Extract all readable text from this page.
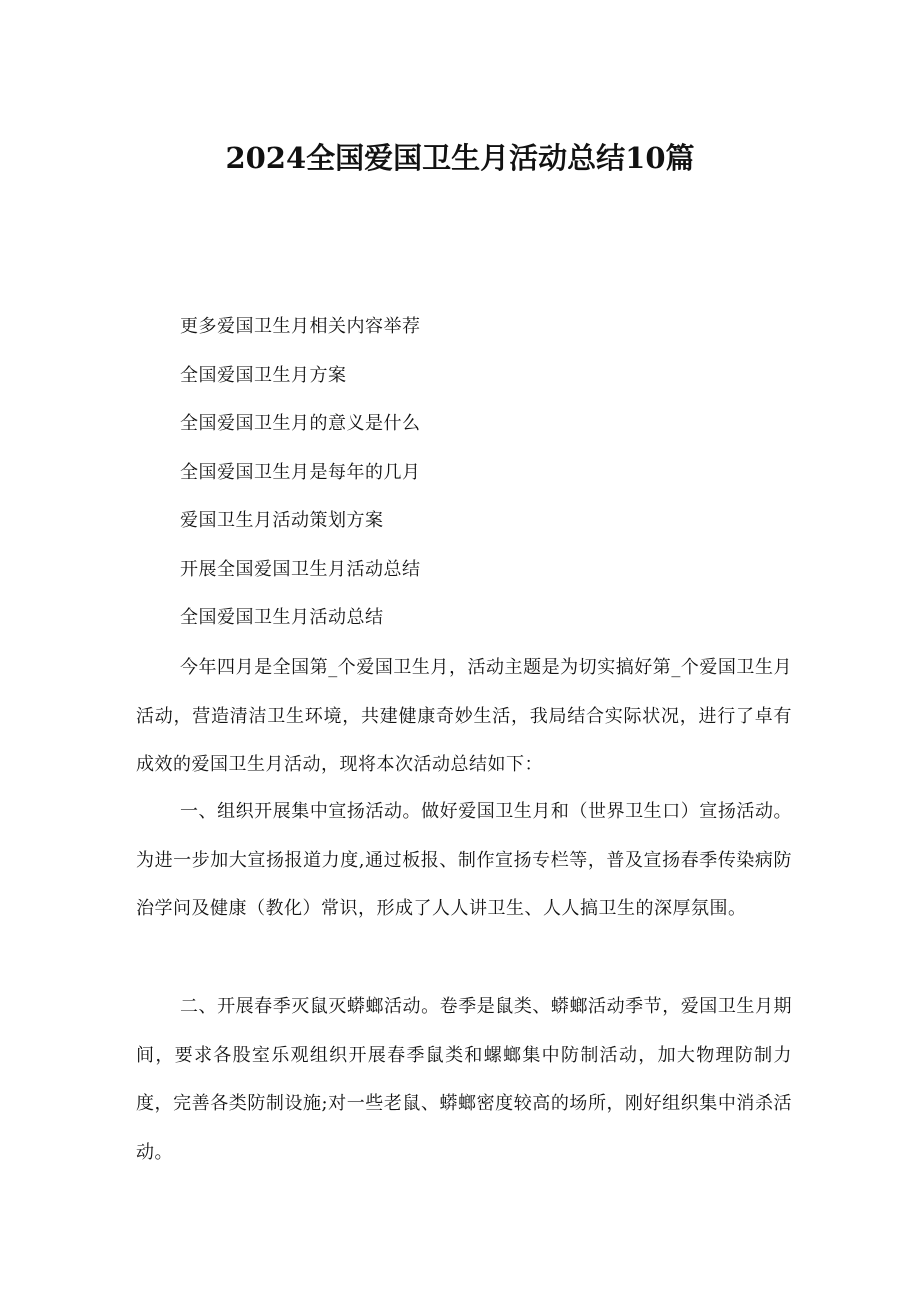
2024全国爱国卫生月活动总结10篇
更多爱国卫生月相关内容举荐
全国爱国卫生月方案
全国爱国卫生月的意义是什么
全国爱国卫生月是每年的几月
爱国卫生月活动策划方案
开展全国爱国卫生月活动总结
全国爱国卫生月活动总结

今年四月是全国第_个爱国卫生月，活动主题是为切实搞好第_个爱国卫生月活动，营造清洁卫生环境，共建健康奇妙生活，我局结合实际状况，进行了卓有成效的爱国卫生月活动，现将本次活动总结如下：

一、组织开展集中宣扬活动。做好爱国卫生月和（世界卫生口）宣扬活动。为进一步加大宣扬报道力度,通过板报、制作宣扬专栏等，普及宣扬春季传染病防治学问及健康（教化）常识，形成了人人讲卫生、人人搞卫生的深厚氛围。

二、开展春季灭鼠灭蟒螂活动。卷季是鼠类、蟒螂活动季节，爱国卫生月期间，要求各股室乐观组织开展春季鼠类和螺螂集中防制活动，加大物理防制力度，完善各类防制设施;对一些老鼠、蟒螂密度较高的场所，刚好组织集中消杀活动。
